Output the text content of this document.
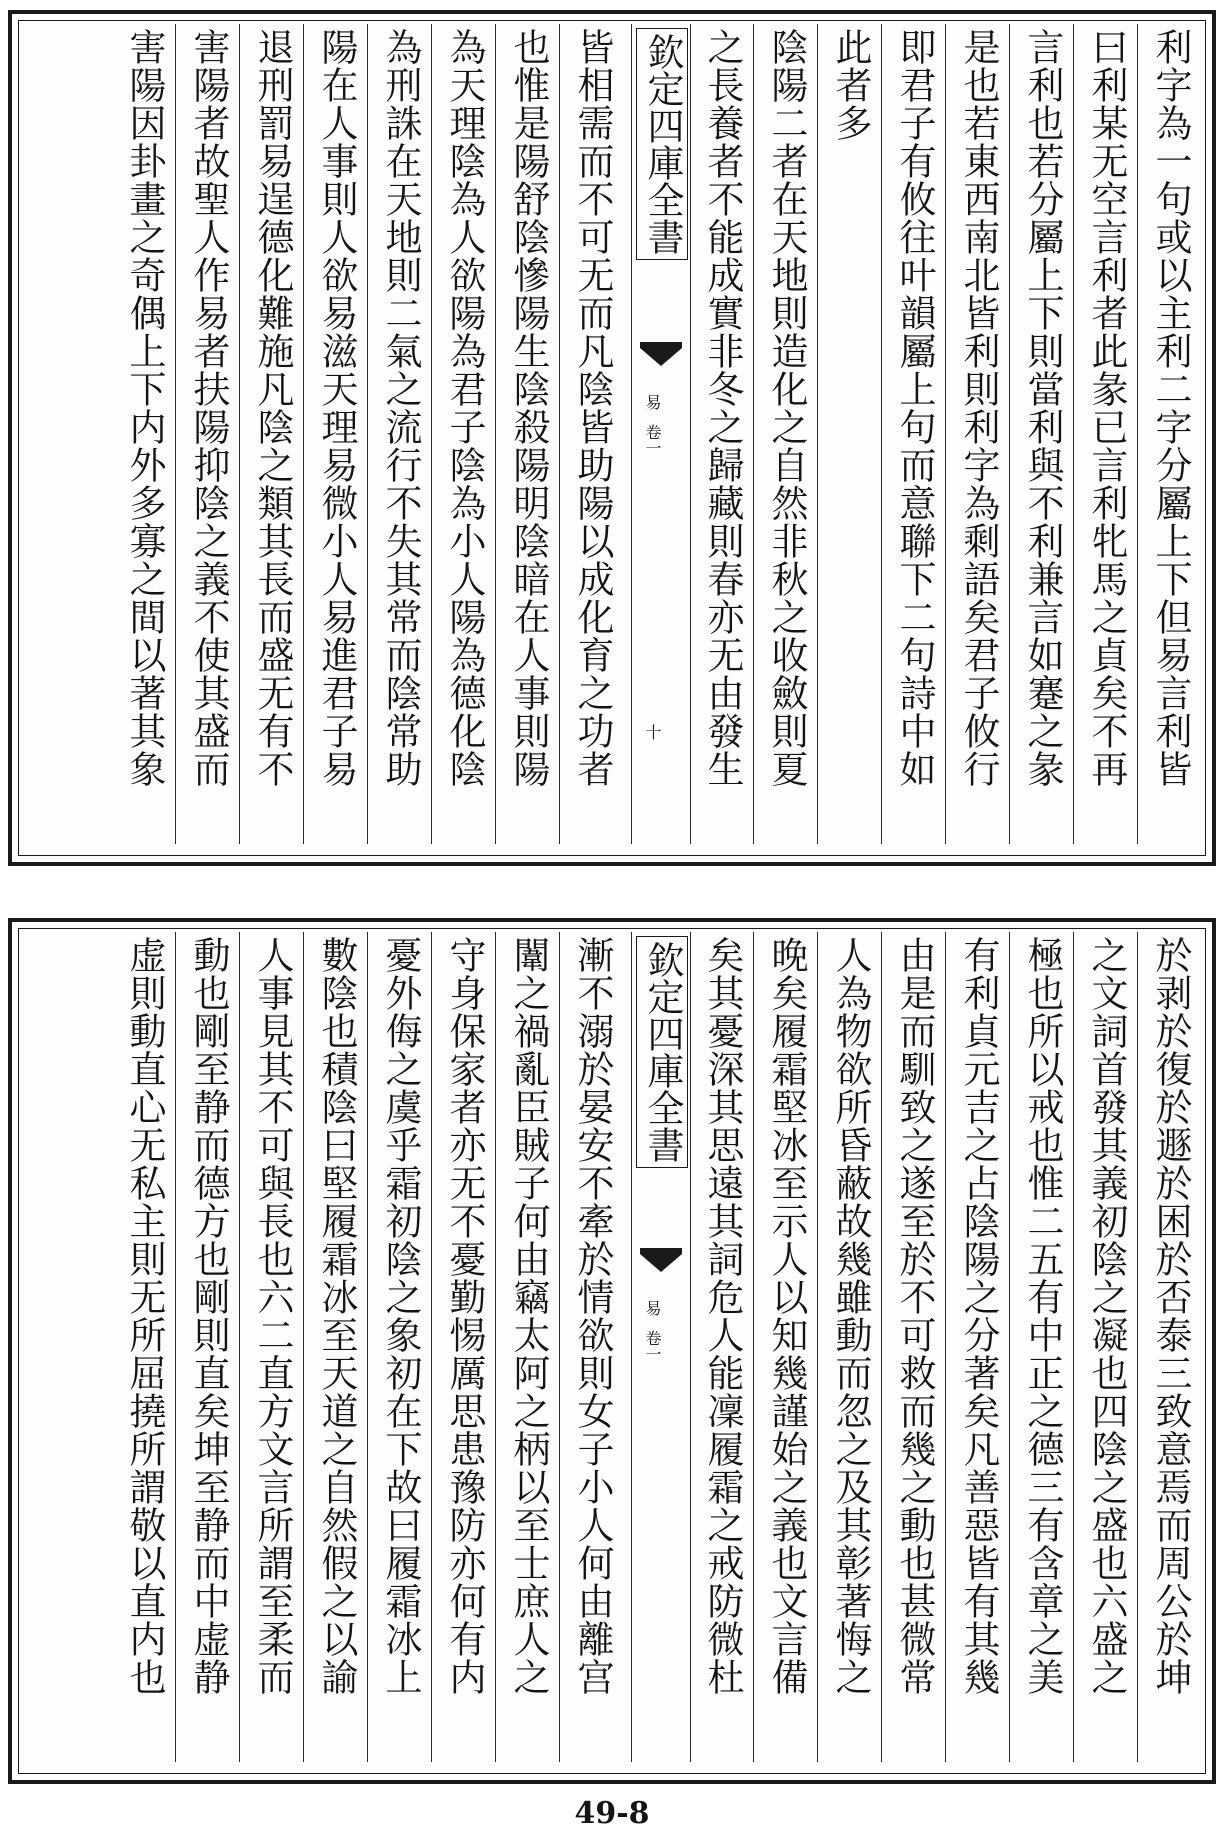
利字為一句或以主利二字分屬上下但易言利皆
曰利某无空言利者此彖已言利牝馬之貞矣不再
言利也若分屬上下則當利與不利兼言如蹇之彖
是也若東西南北皆利則利字為剩語矣君子攸行
即君子有攸往叶韻屬上句而意聯下二句詩中如
此者多
陰陽二者在天地則造化之自然非秋之收斂則夏
之長養者不能成實非冬之歸藏則春亦无由發生
皆相需而不可无而凡陰皆助陽以成化育之功者
也惟是陽舒陰慘陽生陰殺陽明陰暗在人事則陽
為天理陰為人欲陽為君子陰為小人陽為德化陰
為刑誅在天地則二氣之流行不失其常而陰常助
陽在人事則人欲易滋天理易微小人易進君子易
退刑罰易逞德化難施凡陰之類其長而盛无有不
害陽者故聖人作易者扶陽抑陰之義不使其盛而
害陽因卦畫之奇偶上下内外多寡之間以著其象	欽定四庫全書
易
卷一
十
於剥於復於遯於困於否泰三致意焉而周公於坤
之文詞首發其義初陰之凝也四陰之盛也六盛之
極也所以戒也惟二五有中正之德三有含章之美
有利貞元吉之占陰陽之分著矣凡善惡皆有其幾
由是而馴致之遂至於不可救而幾之動也甚微常
人為物欲所昏蔽故幾雖動而忽之及其彰著悔之
晚矣履霜堅冰至示人以知幾謹始之義也文言備
矣其憂深其思遠其詞危人能凜履霜之戒防微杜
漸不溺於晏安不牽於情欲則女子小人何由離宫
闈之禍亂臣賊子何由竊太阿之柄以至士庶人之
守身保家者亦无不憂勤惕厲思患豫防亦何有内
憂外侮之虞乎霜初陰之象初在下故曰履霜冰上
數陰也積陰曰堅履霜冰至天道之自然假之以諭
人事見其不可與長也六二直方文言所謂至柔而
動也剛至静而德方也剛則直矣坤至静而中虚静
虚則動直心无私主則无所屈撓所謂敬以直内也	欽定四庫全書
易
卷一
49-8
